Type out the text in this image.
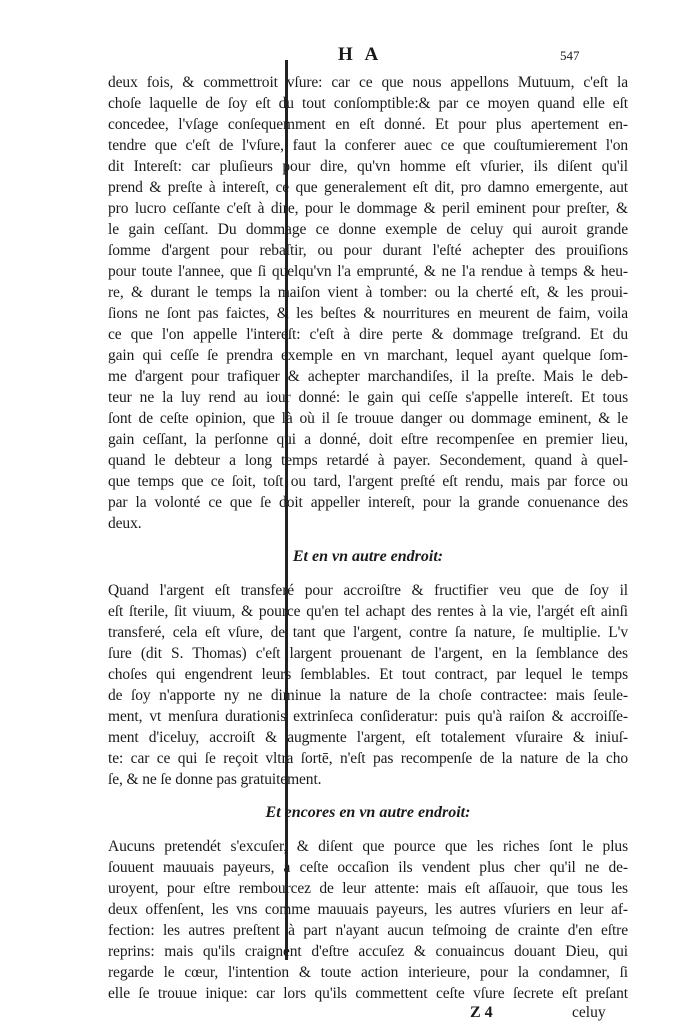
H A	547
deux fois, & commettroit vſure: car ce que nous appellons Mutuum, c'eſt la
choſe laquelle de ſoy eſt du tout conſomptible:& par ce moyen quand elle eſt
concedee, l'vſage conſequemment en eſt donné. Et pour plus apertement en-
tendre que c'eſt de l'vſure, faut la conferer auec ce que couſtumierement l'on
dit Intereſt: car pluſieurs pour dire, qu'vn homme eſt vſurier, ils diſent qu'il
prend & preſte à intereſt, ce que generalement eſt dit, pro damno emergente, aut
pro lucro ceſſante c'eſt à dire, pour le dommage & peril eminent pour preſter, &
le gain ceſſant. Du dommage ce donne exemple de celuy qui auroit grande
ſomme d'argent pour rebaſtir, ou pour durant l'eſté achepter des prouiſions
pour toute l'annee, que ſi quelqu'vn l'a emprunté, & ne l'a rendue à temps & heu-
re, & durant le temps la maiſon vient à tomber: ou la cherté eſt, & les proui-
ſions ne ſont pas faictes, & les beſtes & nourritures en meurent de faim, voila
ce que l'on appelle l'intereſt: c'eſt à dire perte & dommage treſgrand. Et du
gain qui ceſſe ſe prendra exemple en vn marchant, lequel ayant quelque ſom-
me d'argent pour trafiquer & achepter marchandiſes, il la preſte. Mais le deb-
teur ne la luy rend au iour donné: le gain qui ceſſe s'appelle intereſt. Et tous
ſont de ceſte opinion, que là où il ſe trouue danger ou dommage eminent, & le
gain ceſſant, la perſonne qui a donné, doit eſtre recompenſee en premier lieu,
quand le debteur a long temps retardé à payer. Secondement, quand à quel-
que temps que ce ſoit, toſt ou tard, l'argent preſté eſt rendu, mais par force ou
par la volonté ce que ſe doit appeller intereſt, pour la grande conuenance des
deux.
Et en vn autre endroit:
Quand l'argent eſt transferé pour accroiſtre & fructifier veu que de ſoy il
eſt ſterile, ſit viuum, & pource qu'en tel achapt des rentes à la vie, l'argét eſt ainſi
transferé, cela eſt vſure, de tant que l'argent, contre ſa nature, ſe multiplie. L'v
ſure (dit S. Thomas) c'eſt largent prouenant de l'argent, en la ſemblance des
choſes qui engendrent leurs ſemblables. Et tout contract, par lequel le temps
de ſoy n'apporte ny ne diminue la nature de la choſe contractee: mais ſeule-
ment, vt menſura durationis extrinſeca conſideratur: puis qu'à raiſon & accroiſſe-
ment d'iceluy, accroiſt & augmente l'argent, eſt totalement vſuraire & iniuſ-
te: car ce qui ſe reçoit vltra ſortē, n'eſt pas recompenſe de la nature de la cho
ſe, & ne ſe donne pas gratuitement.
Et encores en vn autre endroit:
Aucuns pretendét s'excuſer, & diſent que pource que les riches ſont le plus
ſouuent mauuais payeurs, à ceſte occaſion ils vendent plus cher qu'il ne de-
uroyent, pour eſtre rembourcez de leur attente: mais eſt aſſauoir, que tous les
deux offenſent, les vns comme mauuais payeurs, les autres vſuriers en leur af-
fection: les autres preſtent à part n'ayant aucun teſmoing de crainte d'en eſtre
reprins: mais qu'ils craignent d'eſtre accuſez & conuaincus douant Dieu, qui
regarde le cœur, l'intention & toute action interieure, pour la condamner, ſi
elle ſe trouue inique: car lors qu'ils commettent ceſte vſure ſecrete eſt preſant
Z 4	celuy
